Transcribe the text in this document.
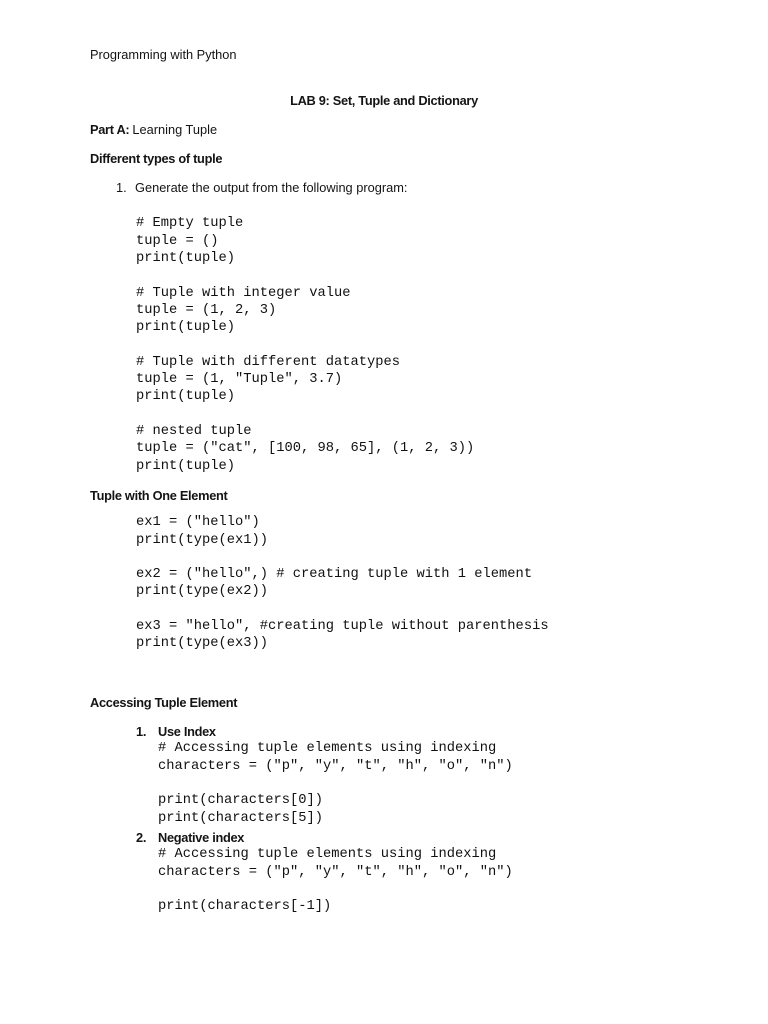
Programming with Python
LAB 9: Set, Tuple and Dictionary
Part A: Learning Tuple
Different types of tuple
1. Generate the output from the following program:
# Empty tuple
tuple = ()
print(tuple)
# Tuple with integer value
tuple = (1, 2, 3)
print(tuple)
# Tuple with different datatypes
tuple = (1, "Tuple", 3.7)
print(tuple)
# nested tuple
tuple = ("cat", [100, 98, 65], (1, 2, 3))
print(tuple)
Tuple with One Element
ex1 = ("hello")
print(type(ex1))
ex2 = ("hello",) # creating tuple with 1 element
print(type(ex2))
ex3 = "hello", #creating tuple without parenthesis
print(type(ex3))
Accessing Tuple Element
1. Use Index
# Accessing tuple elements using indexing
characters = ("p", "y", "t", "h", "o", "n")
print(characters[0])
print(characters[5])
2. Negative index
# Accessing tuple elements using indexing
characters = ("p", "y", "t", "h", "o", "n")
print(characters[-1])
